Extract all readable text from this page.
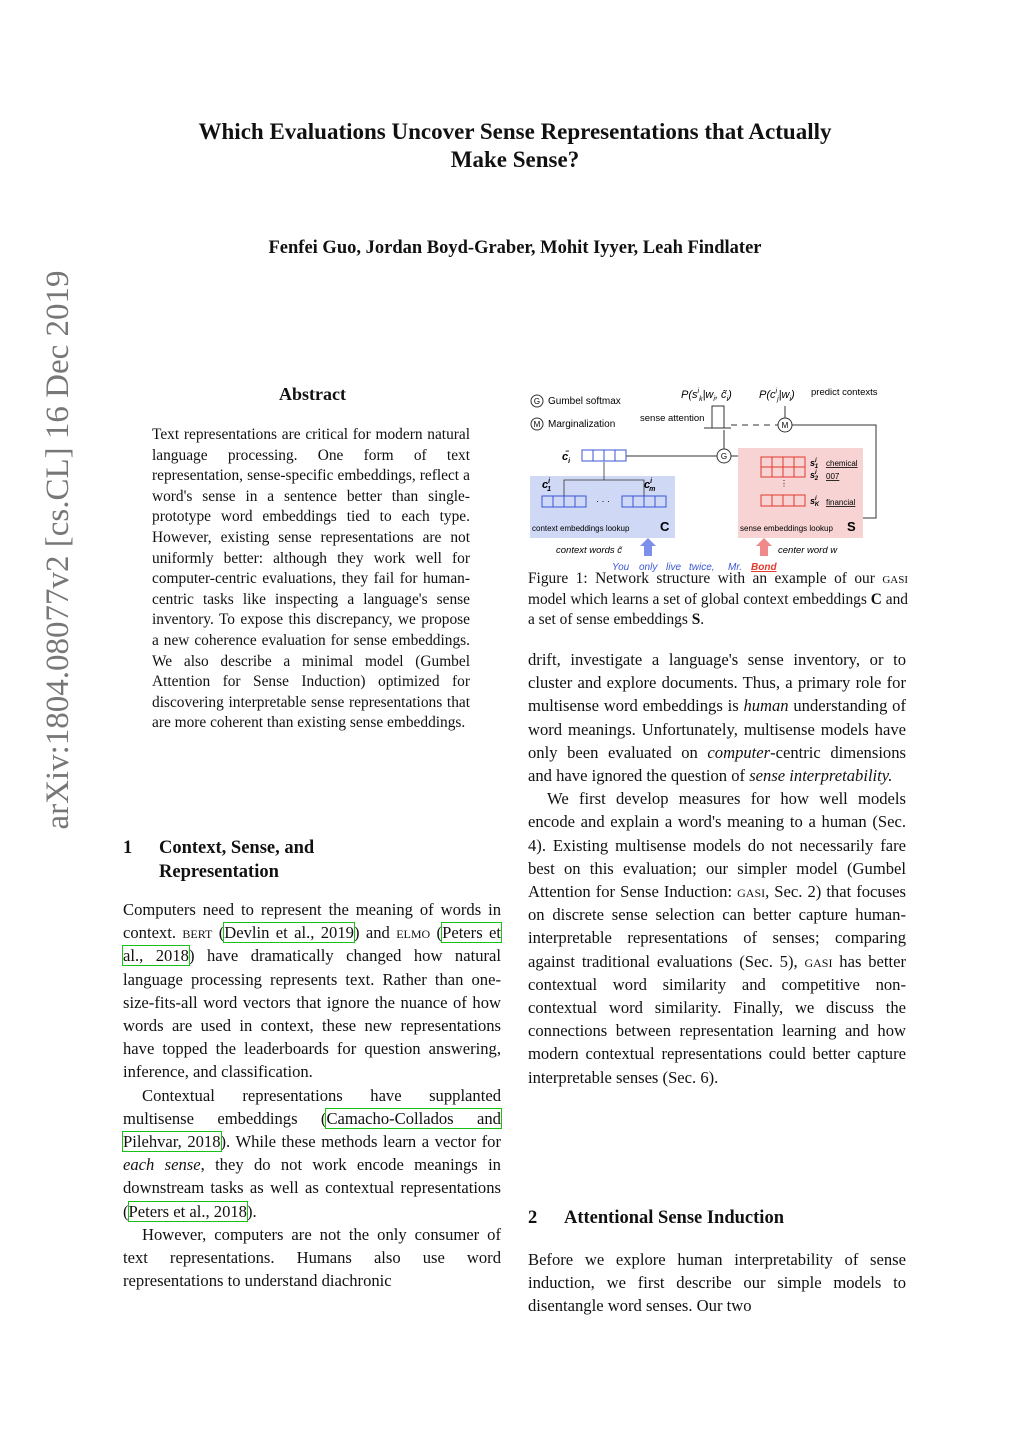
Which Evaluations Uncover Sense Representations that Actually
Make Sense?
Fenfei Guo, Jordan Boyd-Graber, Mohit Iyyer, Leah Findlater
arXiv:1804.08077v2 [cs.CL] 16 Dec 2019	Abstract
Text representations are critical for modern natural language processing. One form of text representation, sense-specific embeddings, reflect a word's sense in a sentence better than single-prototype word embeddings tied to each type. However, existing sense representations are not uniformly better: although they work well for computer-centric evaluations, they fail for human-centric tasks like inspecting a language's sense inventory. To expose this discrepancy, we propose a new coherence evaluation for sense embeddings. We also describe a minimal model (Gumbel Attention for Sense Induction) optimized for discovering interpretable sense representations that are more coherent than existing sense embeddings.
1 Context, Sense, and
Representation

Computers need to represent the meaning of words in context. bert (Devlin et al., 2019) and elmo (Peters et al., 2018) have dramatically changed how natural language processing represents text. Rather than one-size-fits-all word vectors that ignore the nuance of how words are used in context, these new representations have topped the leaderboards for question answering, inference, and classification.

Contextual representations have supplanted multisense embeddings (Camacho-Collados and Pilehvar, 2018). While these methods learn a vector for each sense, they do not work encode meanings in downstream tasks as well as contextual representations (Peters et al., 2018).

However, computers are not the only consumer of text representations. Humans also use word representations to understand diachronic

G Gumbel softmax
M Marginalization
$P(s^i_k|w_i$, $c̃_i$) $P(c^i_j|w_i)$ predict contexts
sense attention
M
G
$c̄_i$
$c^i$ 1
· · ·
$c^i$ m
context embeddings lookup C
⋮
$s^i$ 1
$s^i$ 2
$s^i$ K
chemical
007
financial
sense embeddings lookup S
context words c̃	center word w
You only live twice, Mr. Bond
Figure 1: Network structure with an example of our gasi model which learns a set of global context embeddings C and a set of sense embeddings S.

drift, investigate a language's sense inventory, or to cluster and explore documents. Thus, a primary role for multisense word embeddings is human understanding of word meanings. Unfortunately, multisense models have only been evaluated on computer-centric dimensions and have ignored the question of sense interpretability.

We first develop measures for how well models encode and explain a word's meaning to a human (Sec. 4). Existing multisense models do not necessarily fare best on this evaluation; our simpler model (Gumbel Attention for Sense Induction: gasi, Sec. 2) that focuses on discrete sense selection can better capture human-interpretable representations of senses; comparing against traditional evaluations (Sec. 5), gasi has better contextual word similarity and competitive non-contextual word similarity. Finally, we discuss the connections between representation learning and how modern contextual representations could better capture interpretable senses (Sec. 6).

2 Attentional Sense Induction

Before we explore human interpretability of sense induction, we first describe our simple models to disentangle word senses. Our two
